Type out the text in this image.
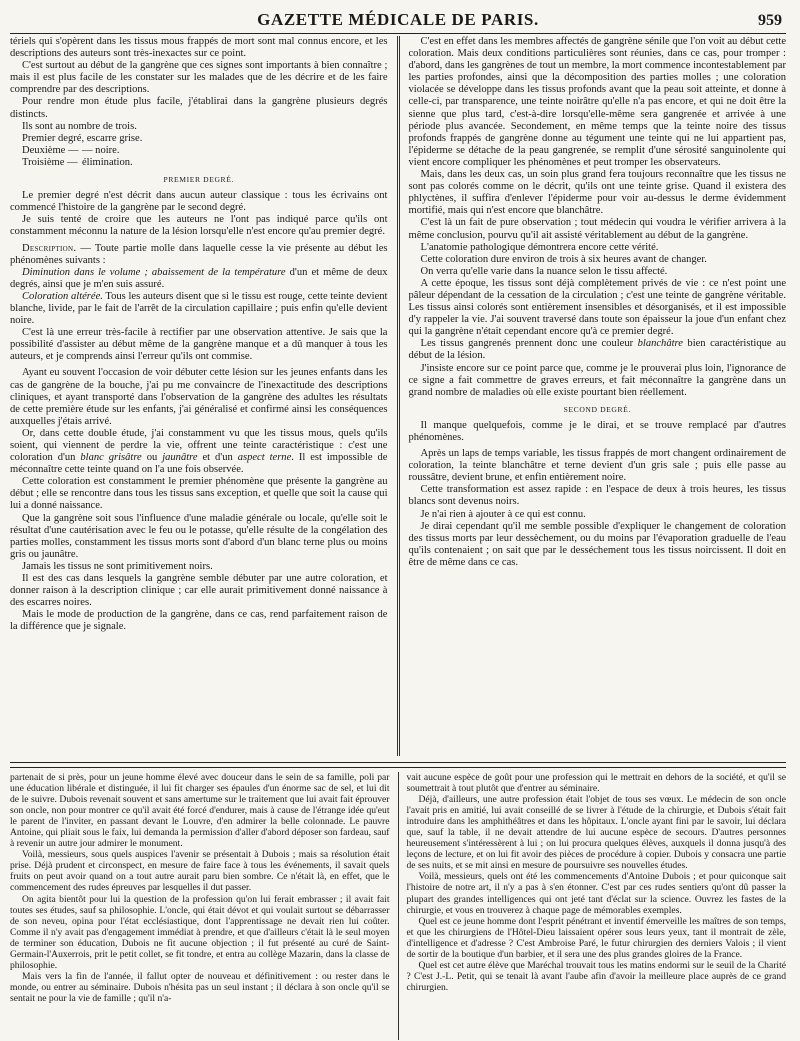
GAZETTE MÉDICALE DE PARIS.	959

tériels qui s'opèrent dans les tissus mous frappés de mort sont mal connus encore, et les descriptions des auteurs sont très-inexactes sur ce point.

C'est surtout au début de la gangrène que ces signes sont importants à bien connaître ; mais il est plus facile de les constater sur les malades que de les décrire et de les faire comprendre par des descriptions.

Pour rendre mon étude plus facile, j'établirai dans la gangrène plusieurs degrés distincts.

Ils sont au nombre de trois.

Premier degré, escarre grise.

Deuxième — — noire.
Troisième — élimination.
PREMIER DEGRÉ.

Le premier degré n'est décrit dans aucun auteur classique : tous les écrivains ont commencé l'histoire de la gangrène par le second degré.

Je suis tenté de croire que les auteurs ne l'ont pas indiqué parce qu'ils ont constamment méconnu la nature de la lésion lorsqu'elle n'est encore qu'au premier degré.

Description. — Toute partie molle dans laquelle cesse la vie présente au début les phénomènes suivants :

Diminution dans le volume ; abaissement de la température d'un et même de deux degrés, ainsi que je m'en suis assuré.

Coloration altérée. Tous les auteurs disent que si le tissu est rouge, cette teinte devient blanche, livide, par le fait de l'arrêt de la circulation capillaire ; puis enfin qu'elle devient noire.

C'est là une erreur très-facile à rectifier par une observation attentive. Je sais que la possibilité d'assister au début même de la gangrène manque et a dû manquer à tous les auteurs, et je comprends ainsi l'erreur qu'ils ont commise.

Ayant eu souvent l'occasion de voir débuter cette lésion sur les jeunes enfants dans les cas de gangrène de la bouche, j'ai pu me convaincre de l'inexactitude des descriptions cliniques, et ayant transporté dans l'observation de la gangrène des adultes les résultats de cette première étude sur les enfants, j'ai généralisé et confirmé ainsi les conséquences auxquelles j'étais arrivé.

Or, dans cette double étude, j'ai constamment vu que les tissus mous, quels qu'ils soient, qui viennent de perdre la vie, offrent une teinte caractéristique : c'est une coloration d'un blanc grisâtre ou jaunâtre et d'un aspect terne. Il est impossible de méconnaître cette teinte quand on l'a une fois observée.

Cette coloration est constamment le premier phénomène que présente la gangrène au début ; elle se rencontre dans tous les tissus sans exception, et quelle que soit la cause qui lui a donné naissance.

Que la gangrène soit sous l'influence d'une maladie générale ou locale, qu'elle soit le résultat d'une cautérisation avec le feu ou le potasse, qu'elle résulte de la congélation des parties molles, constamment les tissus morts sont d'abord d'un blanc terne plus ou moins gris ou jaunâtre.

Jamais les tissus ne sont primitivement noirs.

Il est des cas dans lesquels la gangrène semble débuter par une autre coloration, et donner raison à la description clinique ; car elle aurait primitivement donné naissance à des escarres noires.

Mais le mode de production de la gangrène, dans ce cas, rend parfaitement raison de la différence que je signale.

C'est en effet dans les membres affectés de gangrène sénile que l'on voit au début cette coloration. Mais deux conditions particulières sont réunies, dans ce cas, pour tromper : d'abord, dans les gangrènes de tout un membre, la mort commence incontestablement par les parties profondes, ainsi que la décomposition des parties molles ; une coloration violacée se développe dans les tissus profonds avant que la peau soit atteinte, et donne à celle-ci, par transparence, une teinte noirâtre qu'elle n'a pas encore, et qui ne doit être la sienne que plus tard, c'est-à-dire lorsqu'elle-même sera gangrenée et arrivée à une période plus avancée. Secondement, en même temps que la teinte noire des tissus profonds frappés de gangrène donne au tégument une teinte qui ne lui appartient pas, l'épiderme se détache de la peau gangrenée, se remplit d'une sérosité sanguinolente qui vient encore compliquer les phénomènes et peut tromper les observateurs.

Mais, dans les deux cas, un soin plus grand fera toujours reconnaître que les tissus ne sont pas colorés comme on le décrit, qu'ils ont une teinte grise. Quand il existera des phlyctènes, il suffira d'enlever l'épiderme pour voir au-dessus le derme évidemment mortifié, mais qui n'est encore que blanchâtre.

C'est là un fait de pure observation ; tout médecin qui voudra le vérifier arrivera à la même conclusion, pourvu qu'il ait assisté véritablement au début de la gangrène.

L'anatomie pathologique démontrera encore cette vérité.

Cette coloration dure environ de trois à six heures avant de changer.

On verra qu'elle varie dans la nuance selon le tissu affecté.

A cette époque, les tissus sont déjà complètement privés de vie : ce n'est point une pâleur dépendant de la cessation de la circulation ; c'est une teinte de gangrène véritable. Les tissus ainsi colorés sont entièrement insensibles et désorganisés, et il est impossible d'y rappeler la vie. J'ai souvent traversé dans toute son épaisseur la joue d'un enfant chez qui la gangrène n'était cependant encore qu'à ce premier degré.

Les tissus gangrenés prennent donc une couleur blanchâtre bien caractéristique au début de la lésion.

J'insiste encore sur ce point parce que, comme je le prouverai plus loin, l'ignorance de ce signe a fait commettre de graves erreurs, et fait méconnaître la gangrène dans un grand nombre de maladies où elle existe pourtant bien réellement.

SECOND DEGRÉ.

Il manque quelquefois, comme je le dirai, et se trouve remplacé par d'autres phénomènes.

Après un laps de temps variable, les tissus frappés de mort changent ordinairement de coloration, la teinte blanchâtre et terne devient d'un gris sale ; puis elle passe au roussâtre, devient brune, et enfin entièrement noire.

Cette transformation est assez rapide : en l'espace de deux à trois heures, les tissus blancs sont devenus noirs.

Je n'ai rien à ajouter à ce qui est connu.

Je dirai cependant qu'il me semble possible d'expliquer le changement de coloration des tissus morts par leur dessèchement, ou du moins par l'évaporation graduelle de l'eau qu'ils contenaient ; on sait que par le desséchement tous les tissus noircissent. Il doit en être de même dans ce cas.

partenait de si près, pour un jeune homme élevé avec douceur dans le sein de sa famille, poli par une éducation libérale et distinguée, il lui fit charger ses épaules d'un énorme sac de sel, et lui dit de le suivre. Dubois revenait souvent et sans amertume sur le traitement que lui avait fait éprouver son oncle, non pour montrer ce qu'il avait été forcé d'endurer, mais à cause de l'étrange idée qu'eut le parent de l'inviter, en passant devant le Louvre, d'en admirer la belle colonnade. Le pauvre Antoine, qui pliait sous le faix, lui demanda la permission d'aller d'abord déposer son fardeau, sauf à revenir un autre jour admirer le monument.

Voilà, messieurs, sous quels auspices l'avenir se présentait à Dubois ; mais sa résolution était prise. Déjà prudent et circonspect, en mesure de faire face à tous les événements, il savait quels fruits on peut avoir quand on a tout autre aurait paru bien sombre. Ce n'était là, en effet, que le commencement des rudes épreuves par lesquelles il dut passer.

On agita bientôt pour lui la question de la profession qu'on lui ferait embrasser ; il avait fait toutes ses études, sauf sa philosophie. L'oncle, qui était dévot et qui voulait surtout se débarrasser de son neveu, opina pour l'état ecclésiastique, dont l'apprentissage ne devait rien lui coûter. Comme il n'y avait pas d'engagement immédiat à prendre, et que d'ailleurs c'était là le seul moyen de terminer son éducation, Dubois ne fit aucune objection ; il fut présenté au curé de Saint-Germain-l'Auxerrois, prit le petit collet, se fit tondre, et entra au collège Mazarin, dans la classe de philosophie.

Mais vers la fin de l'année, il fallut opter de nouveau et définitivement : ou rester dans le monde, ou entrer au séminaire. Dubois n'hésita pas un seul instant ; il déclara à son oncle qu'il se sentait ne pour la vie de famille ; qu'il n'a-

vait aucune espèce de goût pour une profession qui le mettrait en dehors de la société, et qu'il se soumettrait à tout plutôt que d'entrer au séminaire.

Déjà, d'ailleurs, une autre profession était l'objet de tous ses vœux. Le médecin de son oncle l'avait pris en amitié, lui avait conseillé de se livrer à l'étude de la chirurgie, et Dubois s'était fait introduire dans les amphithéâtres et dans les hôpitaux. L'oncle ayant fini par le savoir, lui déclara que, sauf la table, il ne devait attendre de lui aucune espèce de secours. D'autres personnes heureusement s'intéressèrent à lui ; on lui procura quelques élèves, auxquels il donna jusqu'à des leçons de lecture, et on lui fit avoir des pièces de procédure à copier. Dubois y consacra une partie de ses nuits, et se mit ainsi en mesure de poursuivre ses nouvelles études.

Voilà, messieurs, quels ont été les commencements d'Antoine Dubois ; et pour quiconque sait l'histoire de notre art, il n'y a pas à s'en étonner. C'est par ces rudes sentiers qu'ont dû passer la plupart des grandes intelligences qui ont jeté tant d'éclat sur la science. Ouvrez les fastes de la chirurgie, et vous en trouverez à chaque page de mémorables exemples.

Quel est ce jeune homme dont l'esprit pénétrant et inventif émerveille les maîtres de son temps, et que les chirurgiens de l'Hôtel-Dieu laissaient opérer sous leurs yeux, tant il montrait de zèle, d'intelligence et d'adresse ? C'est Ambroise Paré, le futur chirurgien des derniers Valois ; il vient de sortir de la boutique d'un barbier, et il sera une des plus grandes gloires de la France.

Quel est cet autre élève que Maréchal trouvait tous les matins endormi sur le seuil de la Charité ? C'est J.-L. Petit, qui se tenait là avant l'aube afin d'avoir la meilleure place auprès de ce grand chirurgien.
